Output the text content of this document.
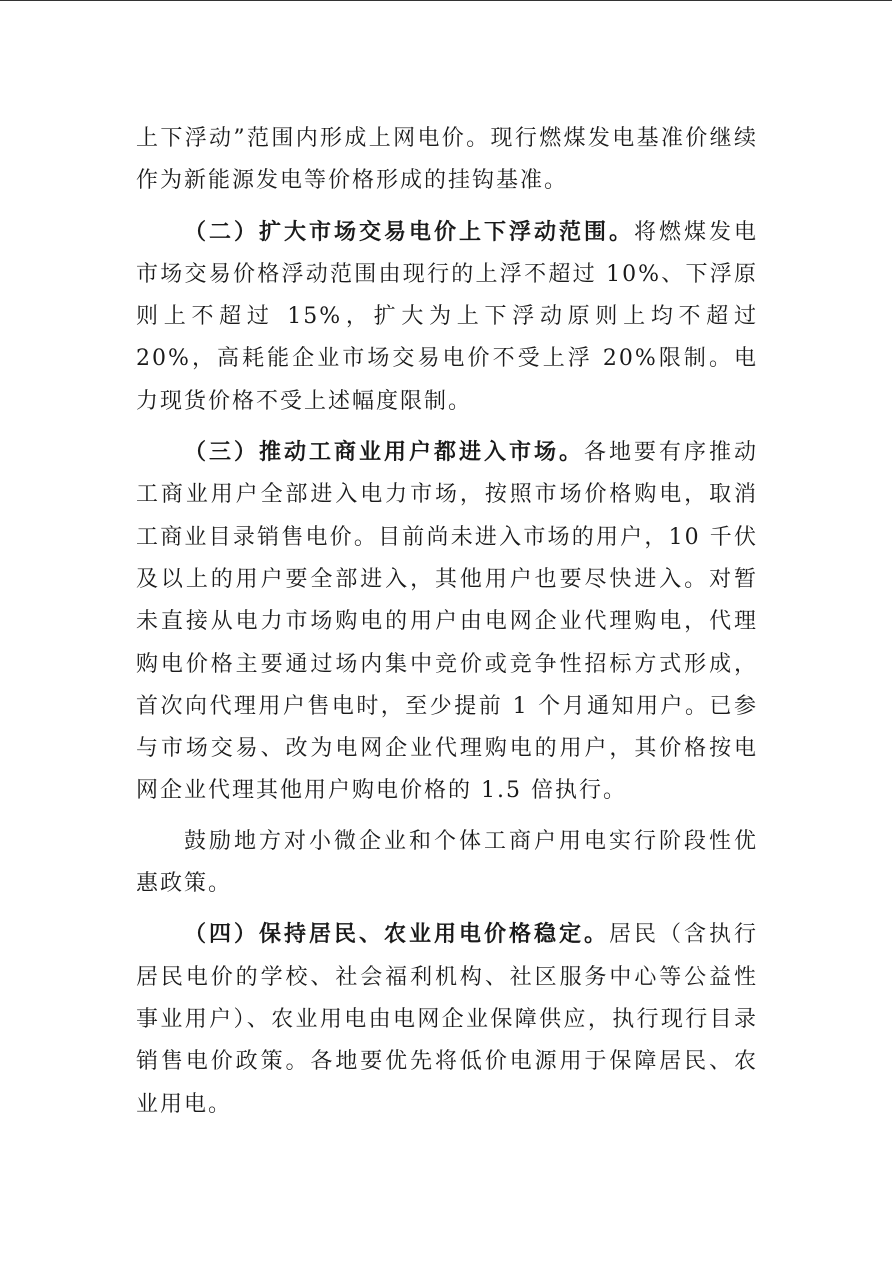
上下浮动”范围内形成上网电价。现行燃煤发电基准价继续作为新能源发电等价格形成的挂钩基准。

（二）扩大市场交易电价上下浮动范围。将燃煤发电市场交易价格浮动范围由现行的上浮不超过 10%、下浮原则上不超过 15%，扩大为上下浮动原则上均不超过 20%，高耗能企业市场交易电价不受上浮 20%限制。电力现货价格不受上述幅度限制。

（三）推动工商业用户都进入市场。各地要有序推动工商业用户全部进入电力市场，按照市场价格购电，取消工商业目录销售电价。目前尚未进入市场的用户，10 千伏及以上的用户要全部进入，其他用户也要尽快进入。对暂未直接从电力市场购电的用户由电网企业代理购电，代理购电价格主要通过场内集中竞价或竞争性招标方式形成，首次向代理用户售电时，至少提前 1 个月通知用户。已参与市场交易、改为电网企业代理购电的用户，其价格按电网企业代理其他用户购电价格的 1.5 倍执行。

鼓励地方对小微企业和个体工商户用电实行阶段性优惠政策。

（四）保持居民、农业用电价格稳定。居民（含执行居民电价的学校、社会福利机构、社区服务中心等公益性事业用户）、农业用电由电网企业保障供应，执行现行目录销售电价政策。各地要优先将低价电源用于保障居民、农业用电。
